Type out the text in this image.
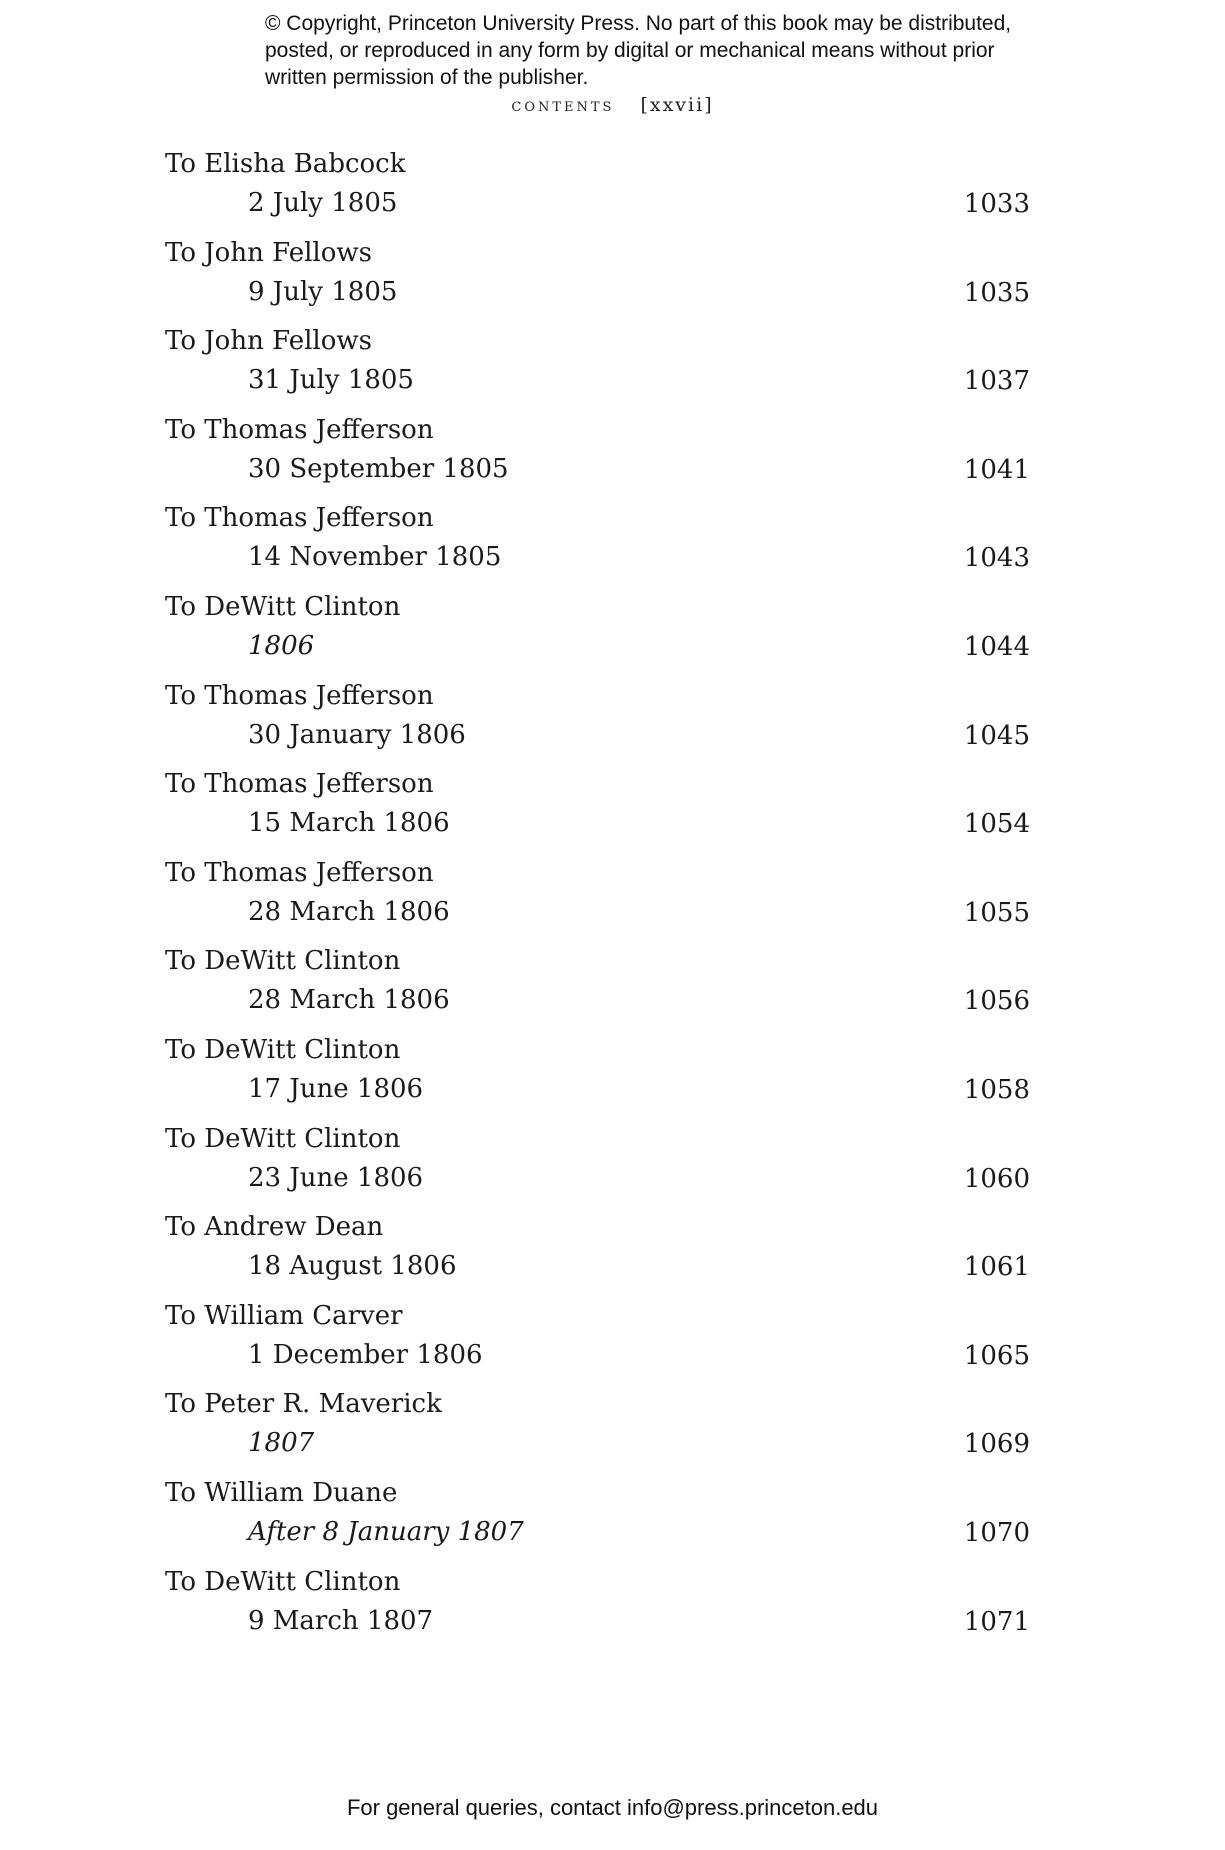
© Copyright, Princeton University Press. No part of this book may be distributed, posted, or reproduced in any form by digital or mechanical means without prior written permission of the publisher.
contents [xxvii]
To Elisha Babcock
2 July 1805	1033
To John Fellows
9 July 1805	1035
To John Fellows
31 July 1805	1037
To Thomas Jefferson
30 September 1805	1041
To Thomas Jefferson
14 November 1805	1043
To DeWitt Clinton
1806	1044
To Thomas Jefferson
30 January 1806	1045
To Thomas Jefferson
15 March 1806	1054
To Thomas Jefferson
28 March 1806	1055
To DeWitt Clinton
28 March 1806	1056
To DeWitt Clinton
17 June 1806	1058
To DeWitt Clinton
23 June 1806	1060
To Andrew Dean
18 August 1806	1061
To William Carver
1 December 1806	1065
To Peter R. Maverick
1807	1069
To William Duane
After 8 January 1807	1070
To DeWitt Clinton
9 March 1807	1071
For general queries, contact info@press.princeton.edu
